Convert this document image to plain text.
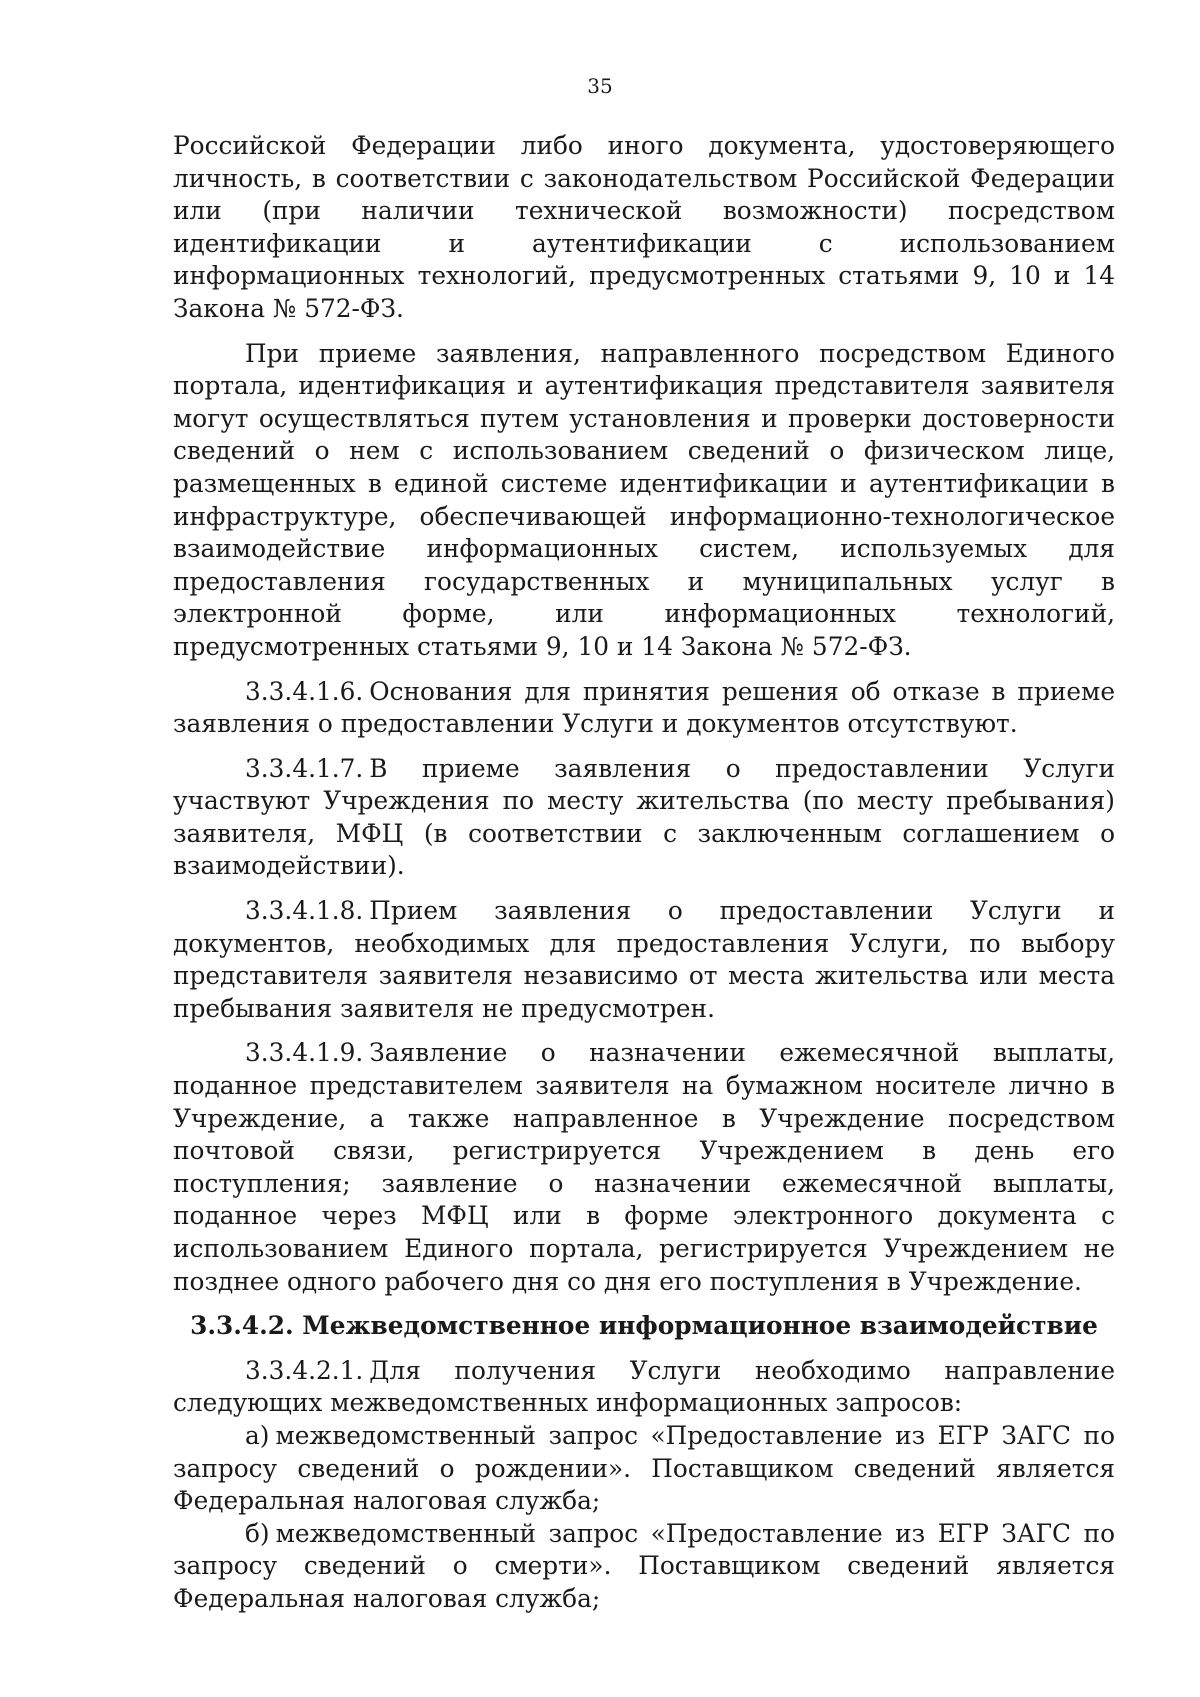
35

Российской Федерации либо иного документа, удостоверяющего личность, в соответствии с законодательством Российской Федерации или (при наличии технической возможности) посредством идентификации и аутентификации с использованием информационных технологий, предусмотренных статьями 9, 10 и 14 Закона № 572-ФЗ.

При приеме заявления, направленного посредством Единого портала, идентификация и аутентификация представителя заявителя могут осуществляться путем установления и проверки достоверности сведений о нем с использованием сведений о физическом лице, размещенных в единой системе идентификации и аутентификации в инфраструктуре, обеспечивающей информационно-технологическое взаимодействие информационных систем, используемых для предоставления государственных и муниципальных услуг в электронной форме, или информационных технологий, предусмотренных статьями 9, 10 и 14 Закона № 572-ФЗ.

3.3.4.1.6. Основания для принятия решения об отказе в приеме заявления о предоставлении Услуги и документов отсутствуют.

3.3.4.1.7. В приеме заявления о предоставлении Услуги участвуют Учреждения по месту жительства (по месту пребывания) заявителя, МФЦ (в соответствии с заключенным соглашением о взаимодействии).

3.3.4.1.8. Прием заявления о предоставлении Услуги и документов, необходимых для предоставления Услуги, по выбору представителя заявителя независимо от места жительства или места пребывания заявителя не предусмотрен.

3.3.4.1.9. Заявление о назначении ежемесячной выплаты, поданное представителем заявителя на бумажном носителе лично в Учреждение, а также направленное в Учреждение посредством почтовой связи, регистрируется Учреждением в день его поступления; заявление о назначении ежемесячной выплаты, поданное через МФЦ или в форме электронного документа с использованием Единого портала, регистрируется Учреждением не позднее одного рабочего дня со дня его поступления в Учреждение.

3.3.4.2. Межведомственное информационное взаимодействие

3.3.4.2.1. Для получения Услуги необходимо направление следующих межведомственных информационных запросов:

а) межведомственный запрос «Предоставление из ЕГР ЗАГС по запросу сведений о рождении». Поставщиком сведений является Федеральная налоговая служба;

б) межведомственный запрос «Предоставление из ЕГР ЗАГС по запросу сведений о смерти». Поставщиком сведений является Федеральная налоговая служба;
